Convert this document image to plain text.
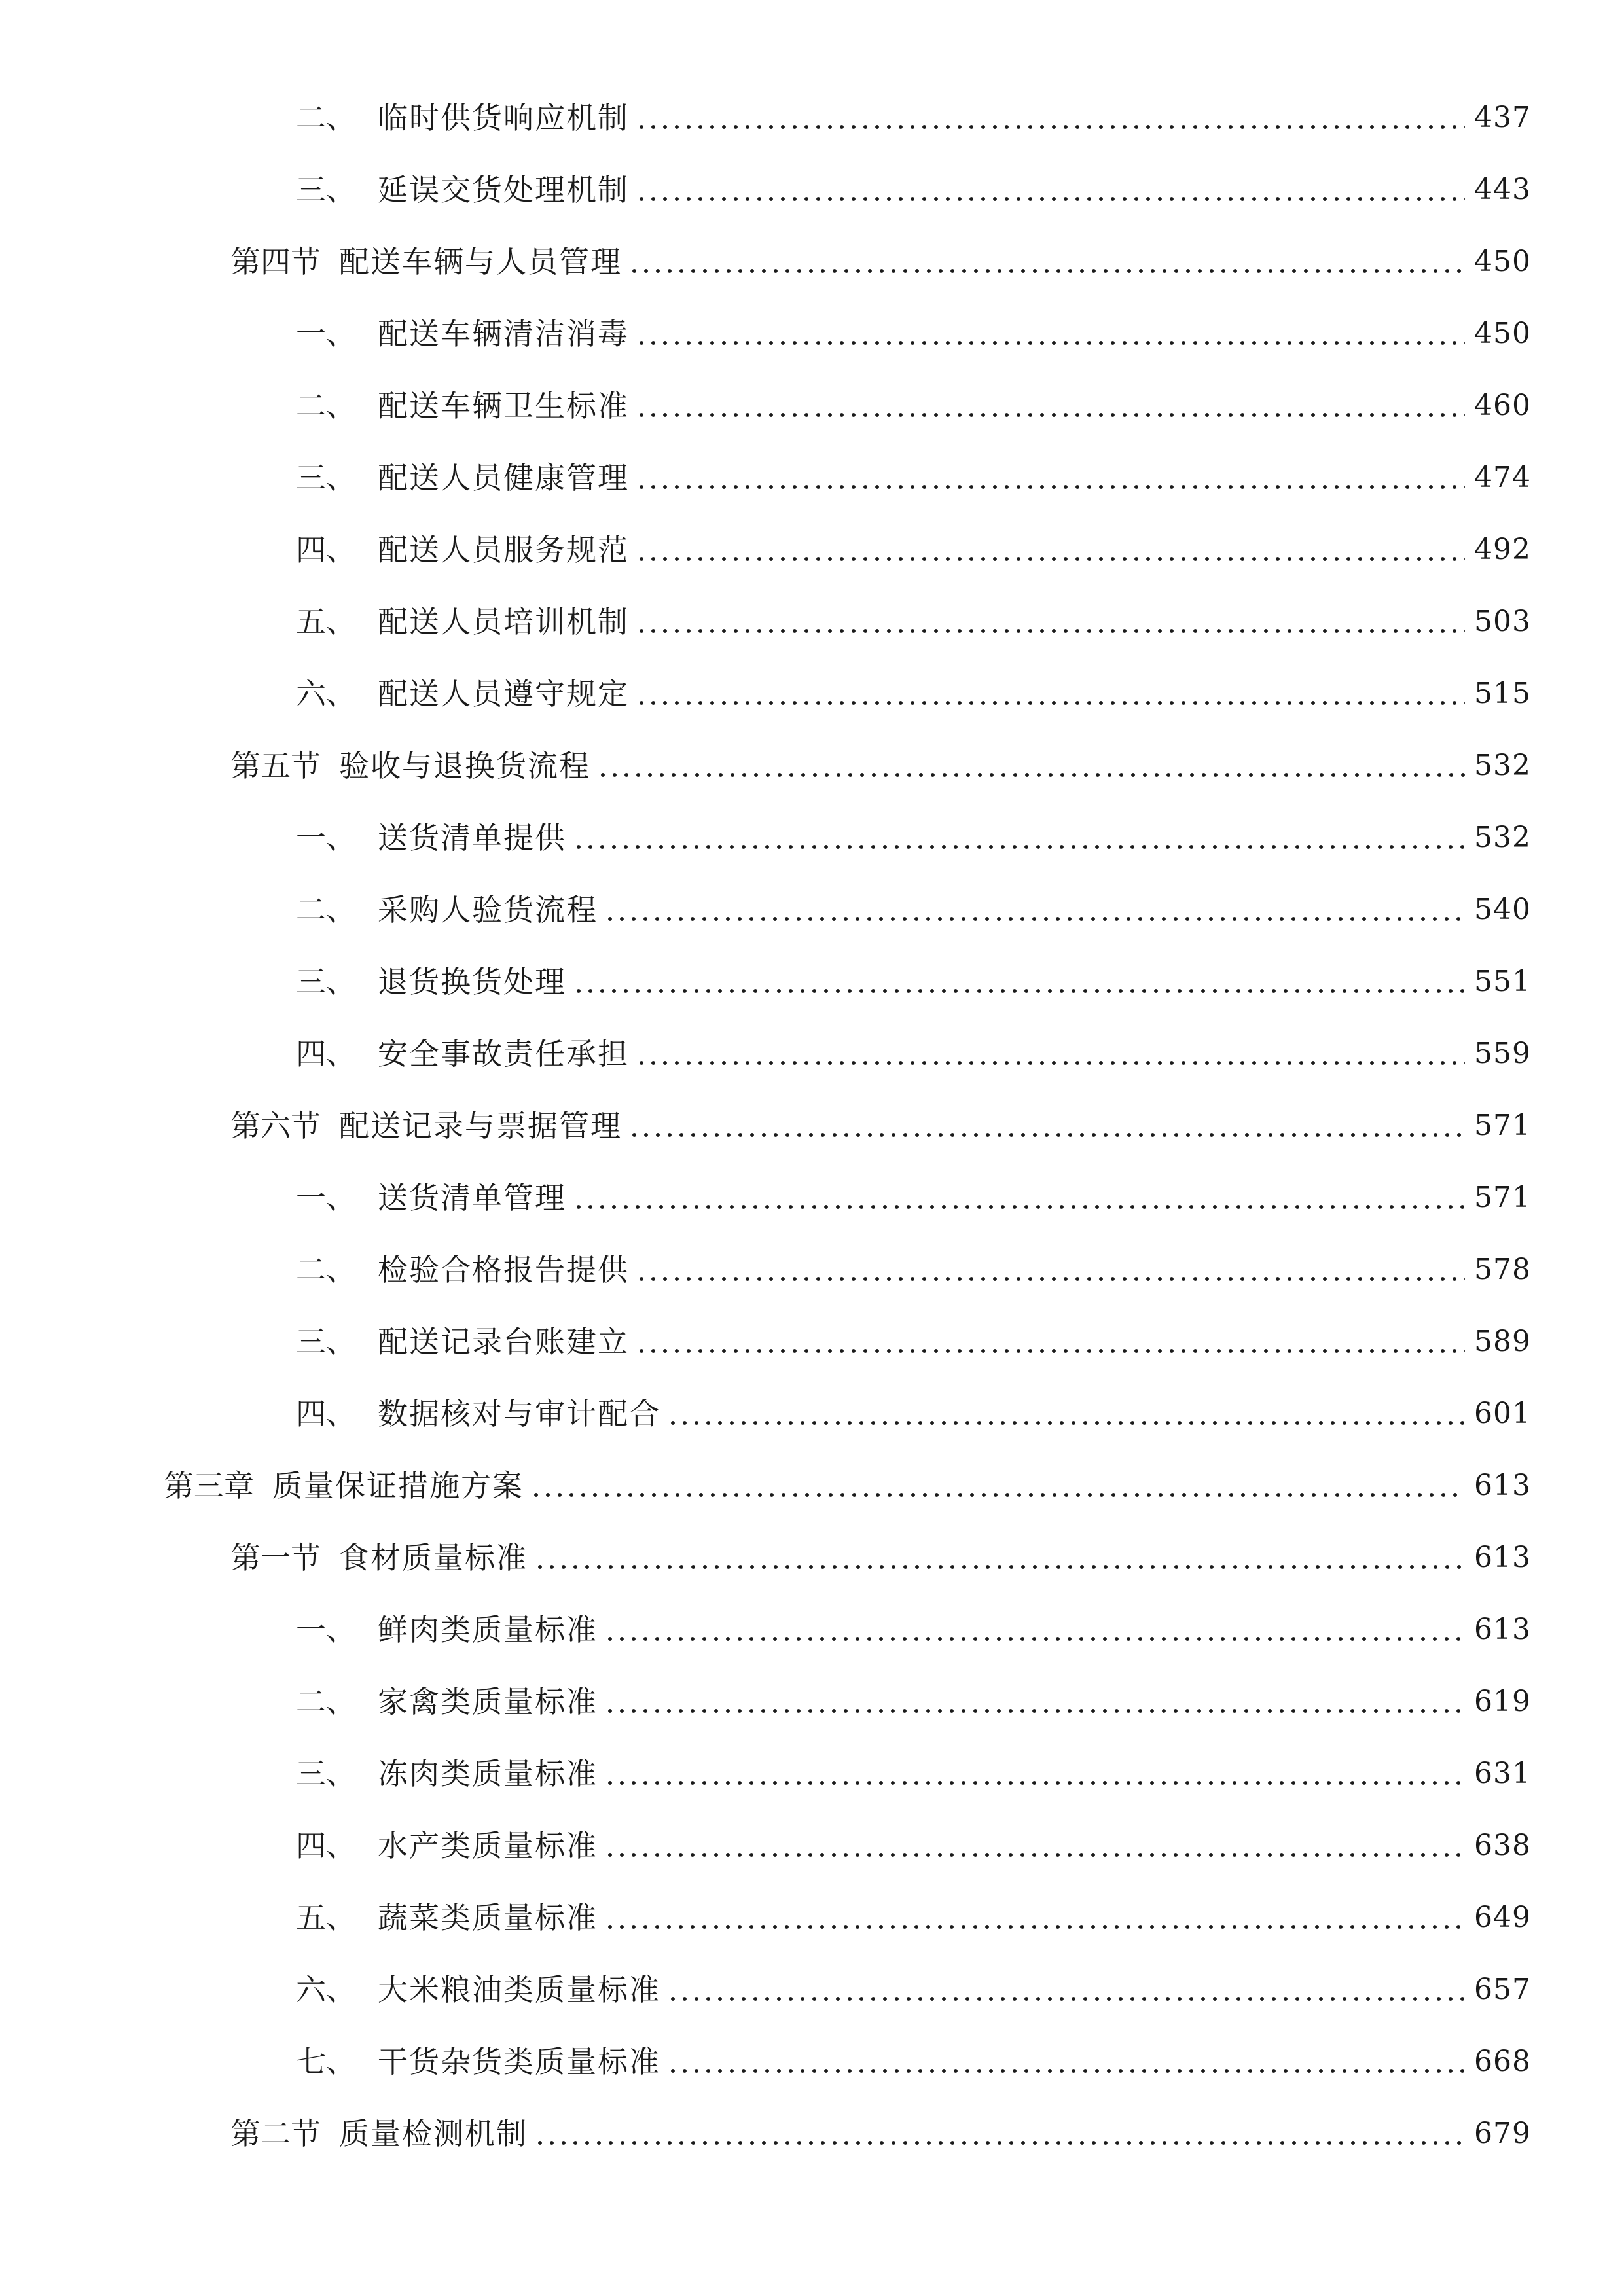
二、 临时供货响应机制	437
三、 延误交货处理机制	443
第四节 配送车辆与人员管理	450
一、 配送车辆清洁消毒	450
二、 配送车辆卫生标准	460
三、 配送人员健康管理	474
四、 配送人员服务规范	492
五、 配送人员培训机制	503
六、 配送人员遵守规定	515
第五节 验收与退换货流程	532
一、 送货清单提供	532
二、 采购人验货流程	540
三、 退货换货处理	551
四、 安全事故责任承担	559
第六节 配送记录与票据管理	571
一、 送货清单管理	571
二、 检验合格报告提供	578
三、 配送记录台账建立	589
四、 数据核对与审计配合	601
第三章 质量保证措施方案	613
第一节 食材质量标准	613
一、 鲜肉类质量标准	613
二、 家禽类质量标准	619
三、 冻肉类质量标准	631
四、 水产类质量标准	638
五、 蔬菜类质量标准	649
六、 大米粮油类质量标准	657
七、 干货杂货类质量标准	668
第二节 质量检测机制	679
